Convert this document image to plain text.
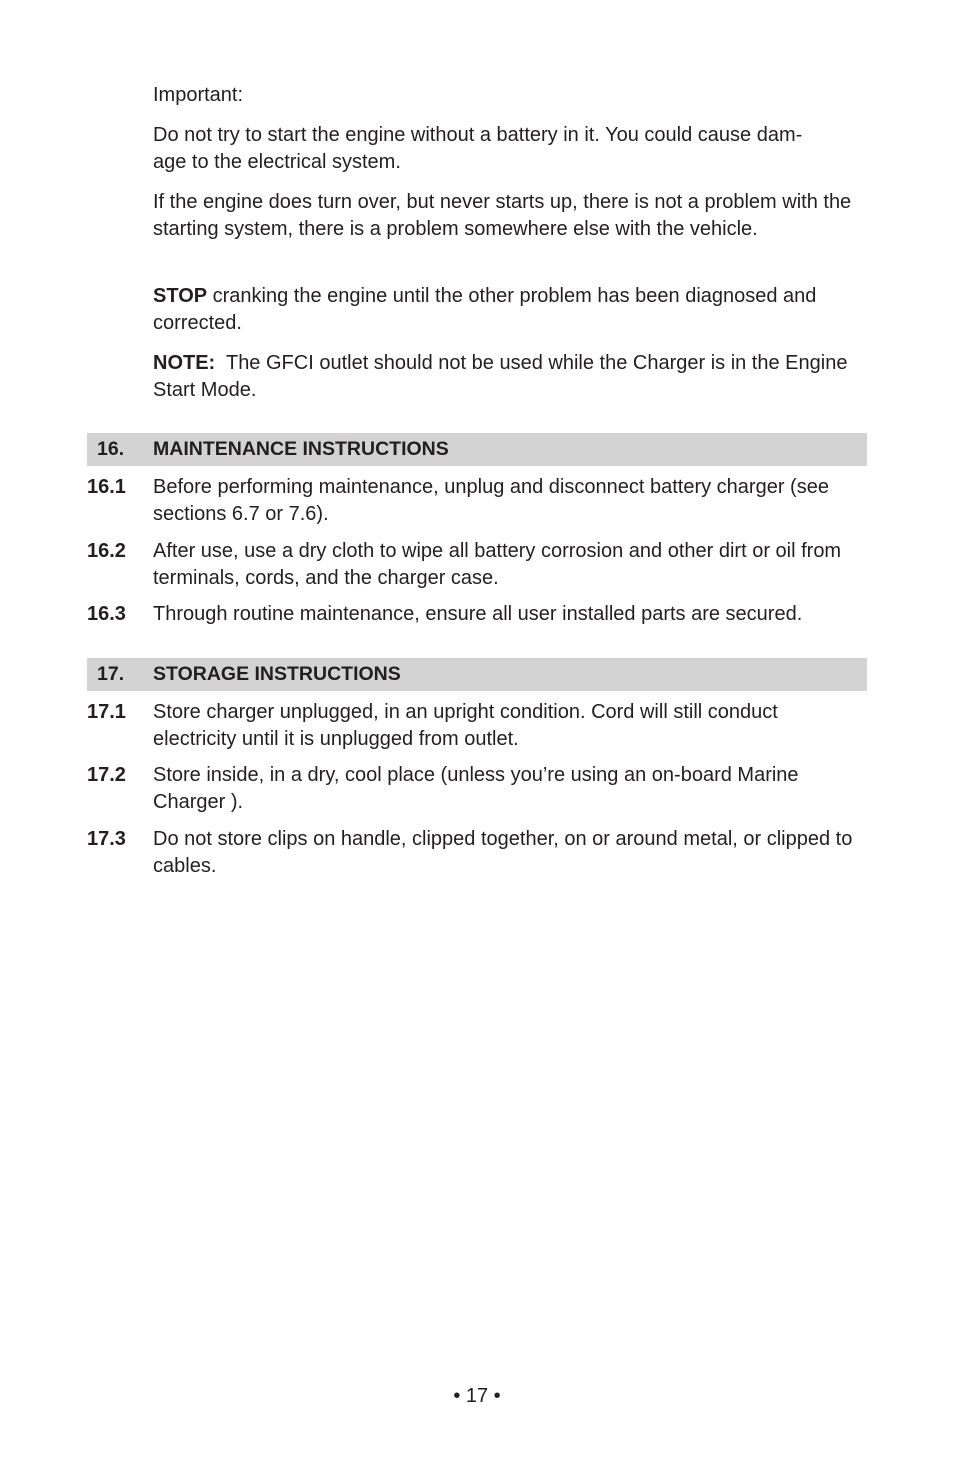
Important:

Do not try to start the engine without a battery in it. You could cause dam-
age to the electrical system.

If the engine does turn over, but never starts up, there is not a problem with the starting system, there is a problem somewhere else with the vehicle.

STOP cranking the engine until the other problem has been diagnosed and corrected.

NOTE:  The GFCI outlet should not be used while the Charger is in the Engine Start Mode.

16. MAINTENANCE INSTRUCTIONS
16.1 Before performing maintenance, unplug and disconnect battery charger (see sections 6.7 or 7.6).
16.2 After use, use a dry cloth to wipe all battery corrosion and other dirt or oil from terminals, cords, and the charger case.
16.3 Through routine maintenance, ensure all user installed parts are secured.
17. STORAGE INSTRUCTIONS
17.1 Store charger unplugged, in an upright condition. Cord will still conduct electricity until it is unplugged from outlet.
17.2 Store inside, in a dry, cool place (unless you’re using an on-board Marine Charger ).
17.3 Do not store clips on handle, clipped together, on or around metal, or clipped to cables.
• 17 •
